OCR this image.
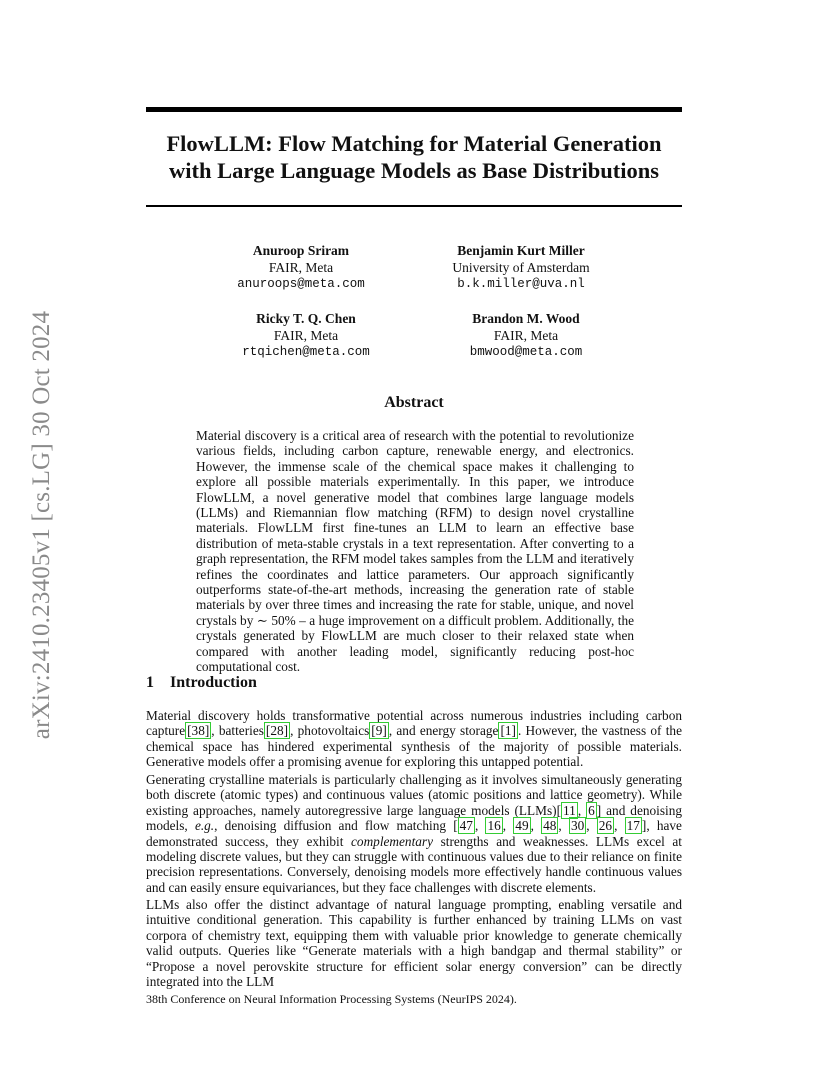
arXiv:2410.23405v1 [cs.LG] 30 Oct 2024
FlowLLM: Flow Matching for Material Generation
with Large Language Models as Base Distributions
Anuroop Sriram
FAIR, Meta
anuroops@meta.com
Benjamin Kurt Miller
University of Amsterdam
b.k.miller@uva.nl
Ricky T. Q. Chen
FAIR, Meta
rtqichen@meta.com
Brandon M. Wood
FAIR, Meta
bmwood@meta.com
Abstract
Material discovery is a critical area of research with the potential to revolutionize various fields, including carbon capture, renewable energy, and electronics. However, the immense scale of the chemical space makes it challenging to explore all possible materials experimentally. In this paper, we introduce FlowLLM, a novel generative model that combines large language models (LLMs) and Riemannian flow matching (RFM) to design novel crystalline materials. FlowLLM first fine-tunes an LLM to learn an effective base distribution of meta-stable crystals in a text representation. After converting to a graph representation, the RFM model takes samples from the LLM and iteratively refines the coordinates and lattice parameters. Our approach significantly outperforms state-of-the-art methods, increasing the generation rate of stable materials by over three times and increasing the rate for stable, unique, and novel crystals by ∼ 50% – a huge improvement on a difficult problem. Additionally, the crystals generated by FlowLLM are much closer to their relaxed state when compared with another leading model, significantly reducing post-hoc computational cost.
1 Introduction
Material discovery holds transformative potential across numerous industries including carbon capture [38] , batteries [28] , photovoltaics [9] , and energy storage [1] . However, the vastness of the chemical space has hindered experimental synthesis of the majority of possible materials. Generative models offer a promising avenue for exploring this untapped potential.
Generating crystalline materials is particularly challenging as it involves simultaneously generating both discrete (atomic types) and continuous values (atomic positions and lattice geometry). While existing approaches, namely autoregressive large language models (LLMs)[ 11 , 6 ] and denoising models, e.g., denoising diffusion and flow matching [ 47 , 16 , 49 , 48 , 30 , 26 , 17 ], have demonstrated success, they exhibit complementary strengths and weaknesses. LLMs excel at modeling discrete values, but they can struggle with continuous values due to their reliance on finite precision representations. Conversely, denoising models more effectively handle continuous values and can easily ensure equivariances, but they face challenges with discrete elements.
LLMs also offer the distinct advantage of natural language prompting, enabling versatile and intuitive conditional generation. This capability is further enhanced by training LLMs on vast corpora of chemistry text, equipping them with valuable prior knowledge to generate chemically valid outputs. Queries like “Generate materials with a high bandgap and thermal stability” or “Propose a novel perovskite structure for efficient solar energy conversion” can be directly integrated into the LLM
38th Conference on Neural Information Processing Systems (NeurIPS 2024).
